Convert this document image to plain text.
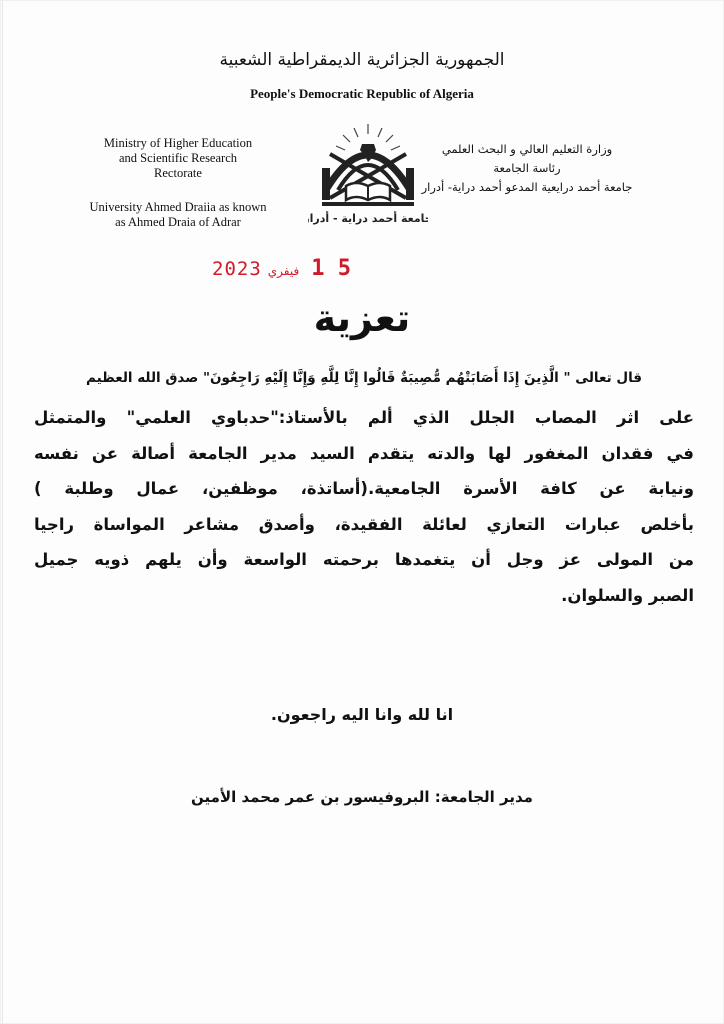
الجمهورية الجزائرية الديمقراطية الشعبية
People's Democratic Republic of Algeria
Ministry of Higher Education
and Scientific Research
Rectorate
University Ahmed Draiia as known
as Ahmed Draia of Adrar	جامعة أحمد دراية - أدرار
وزارة التعليم العالي و البحث العلمي
رئاسة الجامعة
جامعة أحمد درايعية المدعو أحمد دراية- أدرار
2023 فيفري 1 5
تعزية
قال تعالى " الَّذِينَ إِذَا أَصَابَتْهُم مُّصِيبَةٌ قَالُوا إِنَّا لِلَّهِ وَإِنَّا إِلَيْهِ رَاجِعُونَ" صدق الله العظيم
على اثر المصاب الجلل الذي ألم بالأستاذ:"حدباوي العلمي" والمتمثل
في فقدان المغفور لها والدته يتقدم السيد مدير الجامعة أصالة عن نفسه
ونيابة عن كافة الأسرة الجامعية.(أساتذة، موظفين، عمال وطلبة )
بأخلص عبارات التعازي لعائلة الفقيدة، وأصدق مشاعر المواساة راجيا
من المولى عز وجل أن يتغمدها برحمته الواسعة وأن يلهم ذويه جميل
الصبر والسلوان.
انا لله وانا اليه راجعون.
مدير الجامعة: البروفيسور بن عمر محمد الأمين
